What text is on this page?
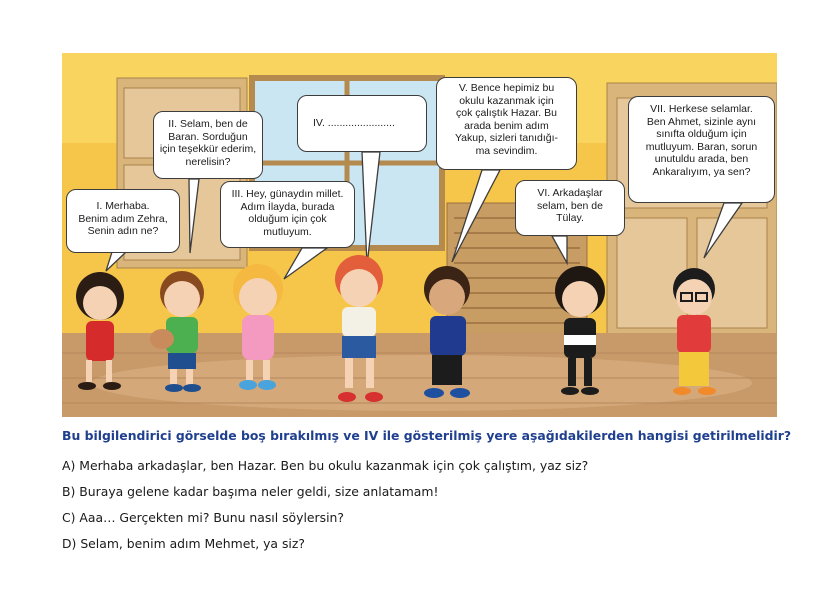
I. Merhaba.
Benim adım Zehra,
Senin adın ne?
II. Selam, ben de
Baran. Sorduğun
için teşekkür ederim,
nerelisin?
III. Hey, günaydın millet.
Adım İlayda, burada
olduğum için çok
mutluyum.
IV. .......................
V. Bence hepimiz bu
okulu kazanmak için
çok çalıştık Hazar. Bu
arada benim adım
Yakup, sizleri tanıdığı-
ma sevindim.
VI. Arkadaşlar
selam, ben de
Tülay.
VII. Herkese selamlar.
Ben Ahmet, sizinle aynı
sınıfta olduğum için
mutluyum. Baran, sorun
unutuldu arada, ben
Ankaralıyım, ya sen?
Bu bilgilendirici görselde boş bırakılmış ve IV ile gösterilmiş yere aşağıdakilerden hangisi getirilmelidir?
A) Merhaba arkadaşlar, ben Hazar. Ben bu okulu kazanmak için çok çalıştım, yaz siz?
B) Buraya gelene kadar başıma neler geldi, size anlatamam!
C) Aaa… Gerçekten mi? Bunu nasıl söylersin?
D) Selam, benim adım Mehmet, ya siz?
